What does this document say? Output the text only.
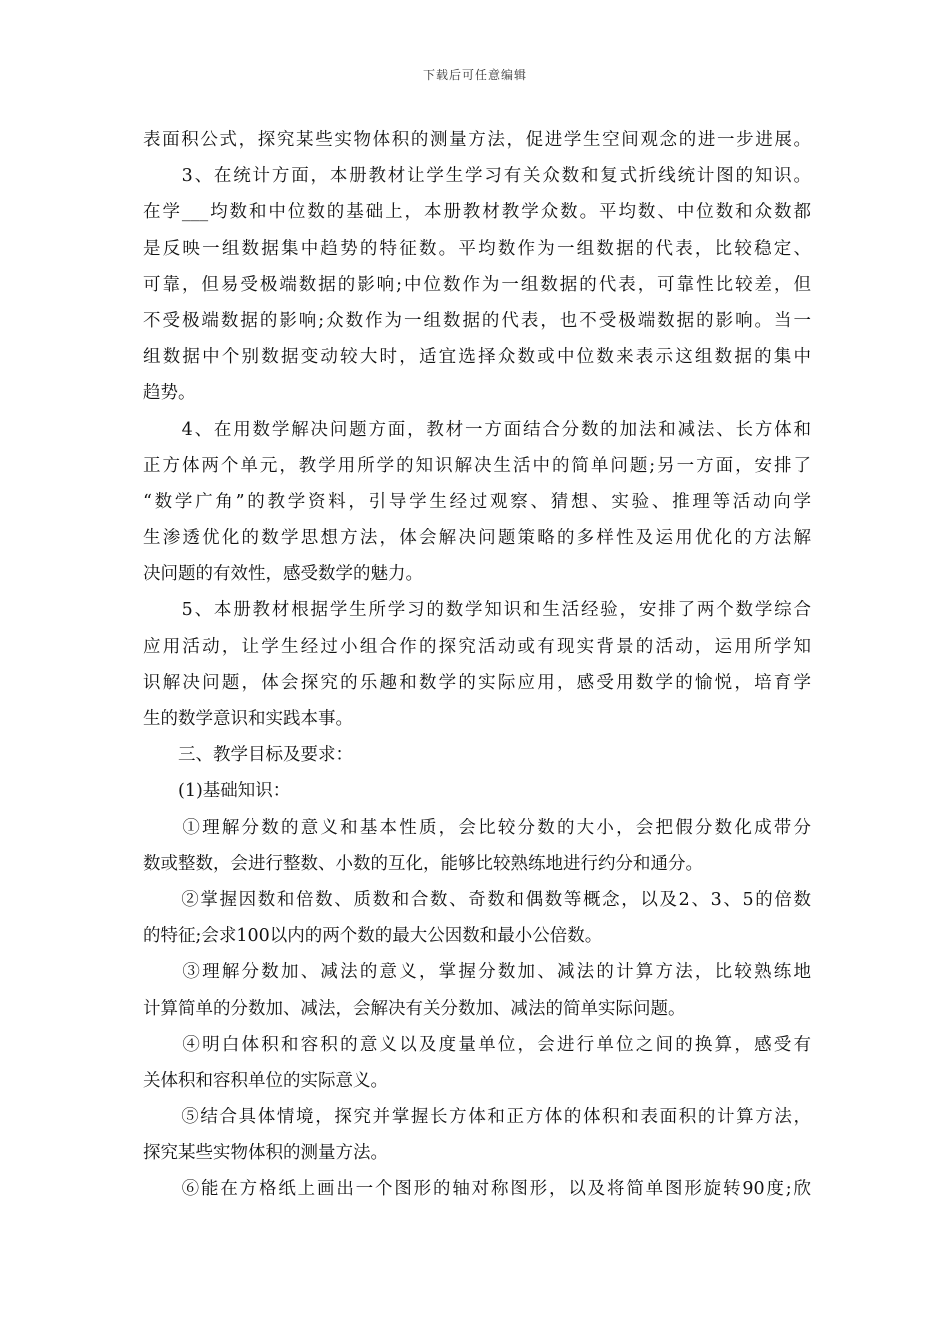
下载后可任意编辑
表面积公式，探究某些实物体积的测量方法，促进学生空间观念的进一步进展。
　　3、在统计方面，本册教材让学生学习有关众数和复式折线统计图的知识。
在学___均数和中位数的基础上，本册教材教学众数。平均数、中位数和众数都
是反映一组数据集中趋势的特征数。平均数作为一组数据的代表，比较稳定、
可靠，但易受极端数据的影响;中位数作为一组数据的代表，可靠性比较差，但
不受极端数据的影响;众数作为一组数据的代表，也不受极端数据的影响。当一
组数据中个别数据变动较大时，适宜选择众数或中位数来表示这组数据的集中
趋势。
　　4、在用数学解决问题方面，教材一方面结合分数的加法和减法、长方体和
正方体两个单元，教学用所学的知识解决生活中的简单问题;另一方面，安排了
“数学广角”的教学资料，引导学生经过观察、猜想、实验、推理等活动向学
生渗透优化的数学思想方法，体会解决问题策略的多样性及运用优化的方法解
决问题的有效性，感受数学的魅力。
　　5、本册教材根据学生所学习的数学知识和生活经验，安排了两个数学综合
应用活动，让学生经过小组合作的探究活动或有现实背景的活动，运用所学知
识解决问题，体会探究的乐趣和数学的实际应用，感受用数学的愉悦，培育学
生的数学意识和实践本事。
　　三、教学目标及要求：
　　(1)基础知识：
　　①理解分数的意义和基本性质，会比较分数的大小，会把假分数化成带分
数或整数，会进行整数、小数的互化，能够比较熟练地进行约分和通分。
　　②掌握因数和倍数、质数和合数、奇数和偶数等概念，以及2、3、5的倍数
的特征;会求100以内的两个数的最大公因数和最小公倍数。
　　③理解分数加、减法的意义，掌握分数加、减法的计算方法，比较熟练地
计算简单的分数加、减法，会解决有关分数加、减法的简单实际问题。
　　④明白体积和容积的意义以及度量单位，会进行单位之间的换算，感受有
关体积和容积单位的实际意义。
　　⑤结合具体情境，探究并掌握长方体和正方体的体积和表面积的计算方法，
探究某些实物体积的测量方法。
　　⑥能在方格纸上画出一个图形的轴对称图形，以及将简单图形旋转90度;欣
